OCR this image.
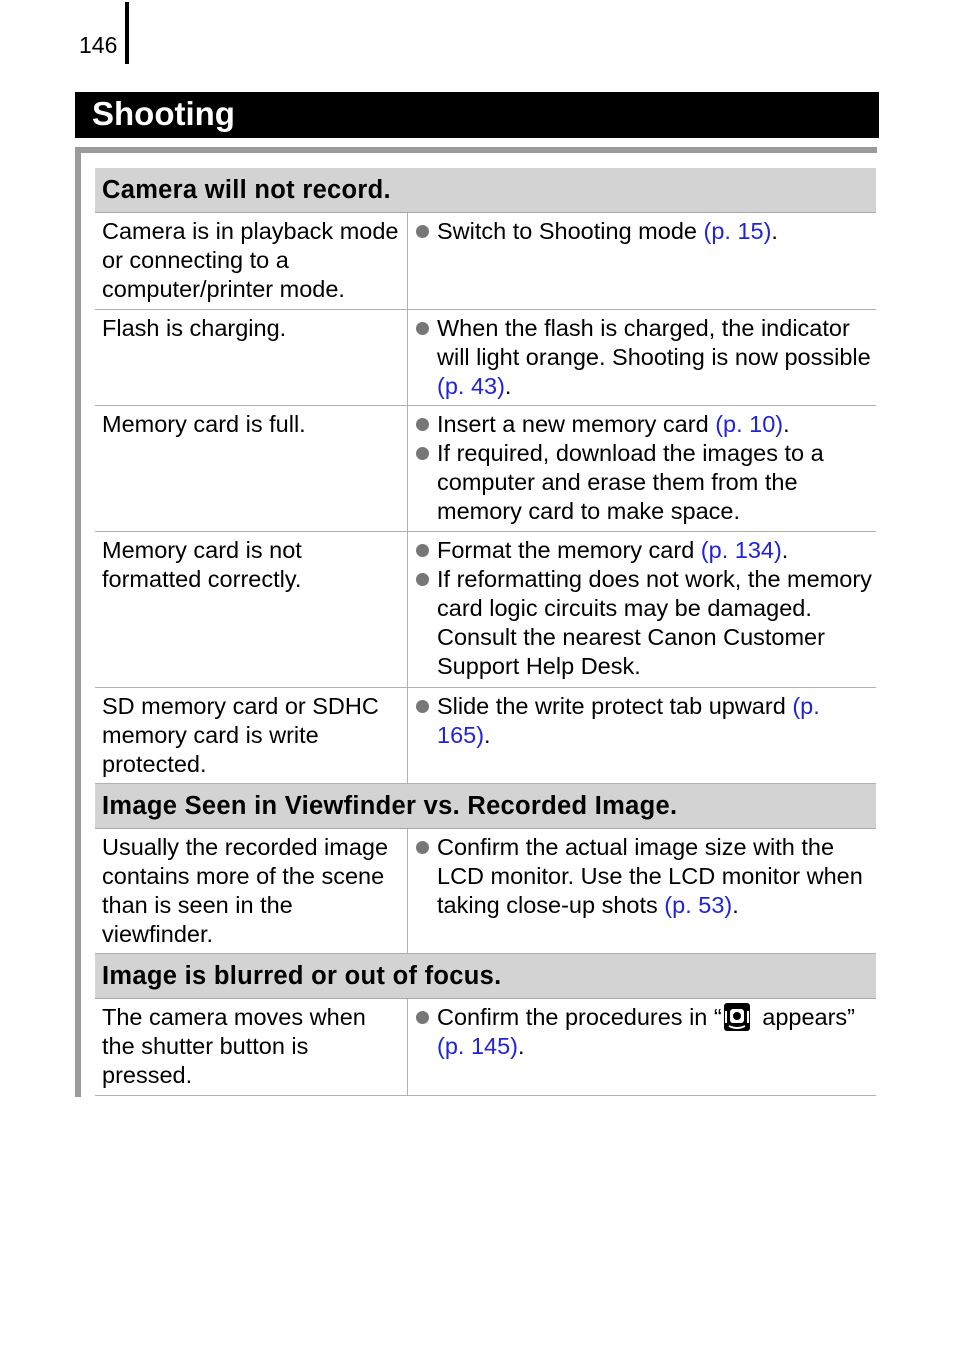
146
Shooting
Camera will not record.
Camera is in playback mode or connecting to a computer/printer mode.
Switch to Shooting mode (p. 15).
Flash is charging.	When the flash is charged, the indicator will light orange. Shooting is now possible (p. 43).
Memory card is full.	Insert a new memory card (p. 10).
If required, download the images to a computer and erase them from the memory card to make space.
Memory card is not formatted correctly.
Format the memory card (p. 134).
If reformatting does not work, the memory card logic circuits may be damaged. Consult the nearest Canon Customer Support Help Desk.
SD memory card or SDHC memory card is write protected.
Slide the write protect tab upward (p. 165).
Image Seen in Viewfinder vs. Recorded Image.
Usually the recorded image contains more of the scene than is seen in the viewfinder.
Confirm the actual image size with the LCD monitor. Use the LCD monitor when taking close-up shots (p. 53).
Image is blurred or out of focus.
The camera moves when the shutter button is pressed.
Confirm the procedures in “ appears” (p. 145).
